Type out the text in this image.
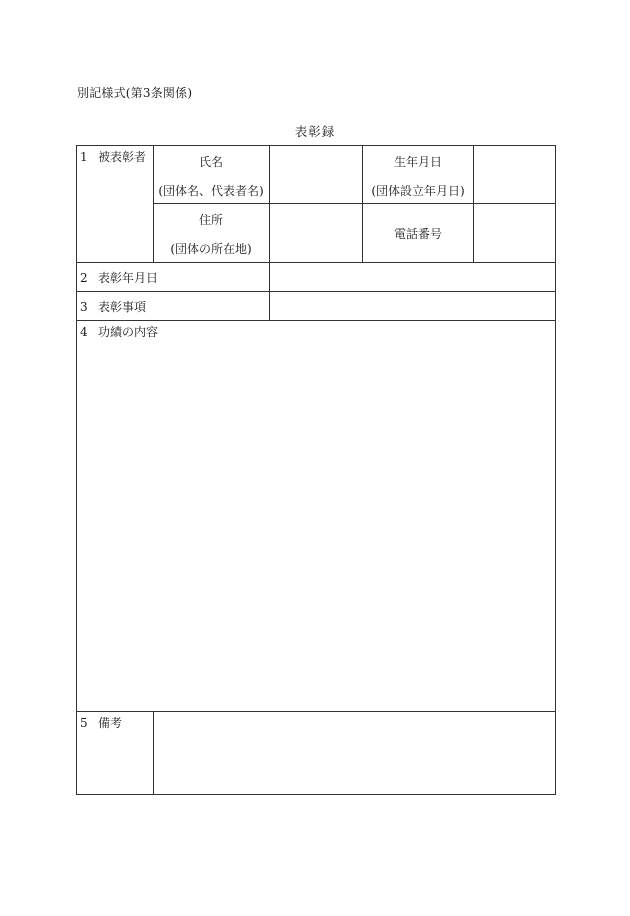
別記様式(第3条関係)
表彰録
1 被表彰者	氏名
(団体名、代表者名)
生年月日
(団体設立年月日)
住所
(団体の所在地)
電話番号
2 表彰年月日
3 表彰事項
4 功績の内容
5 備考
